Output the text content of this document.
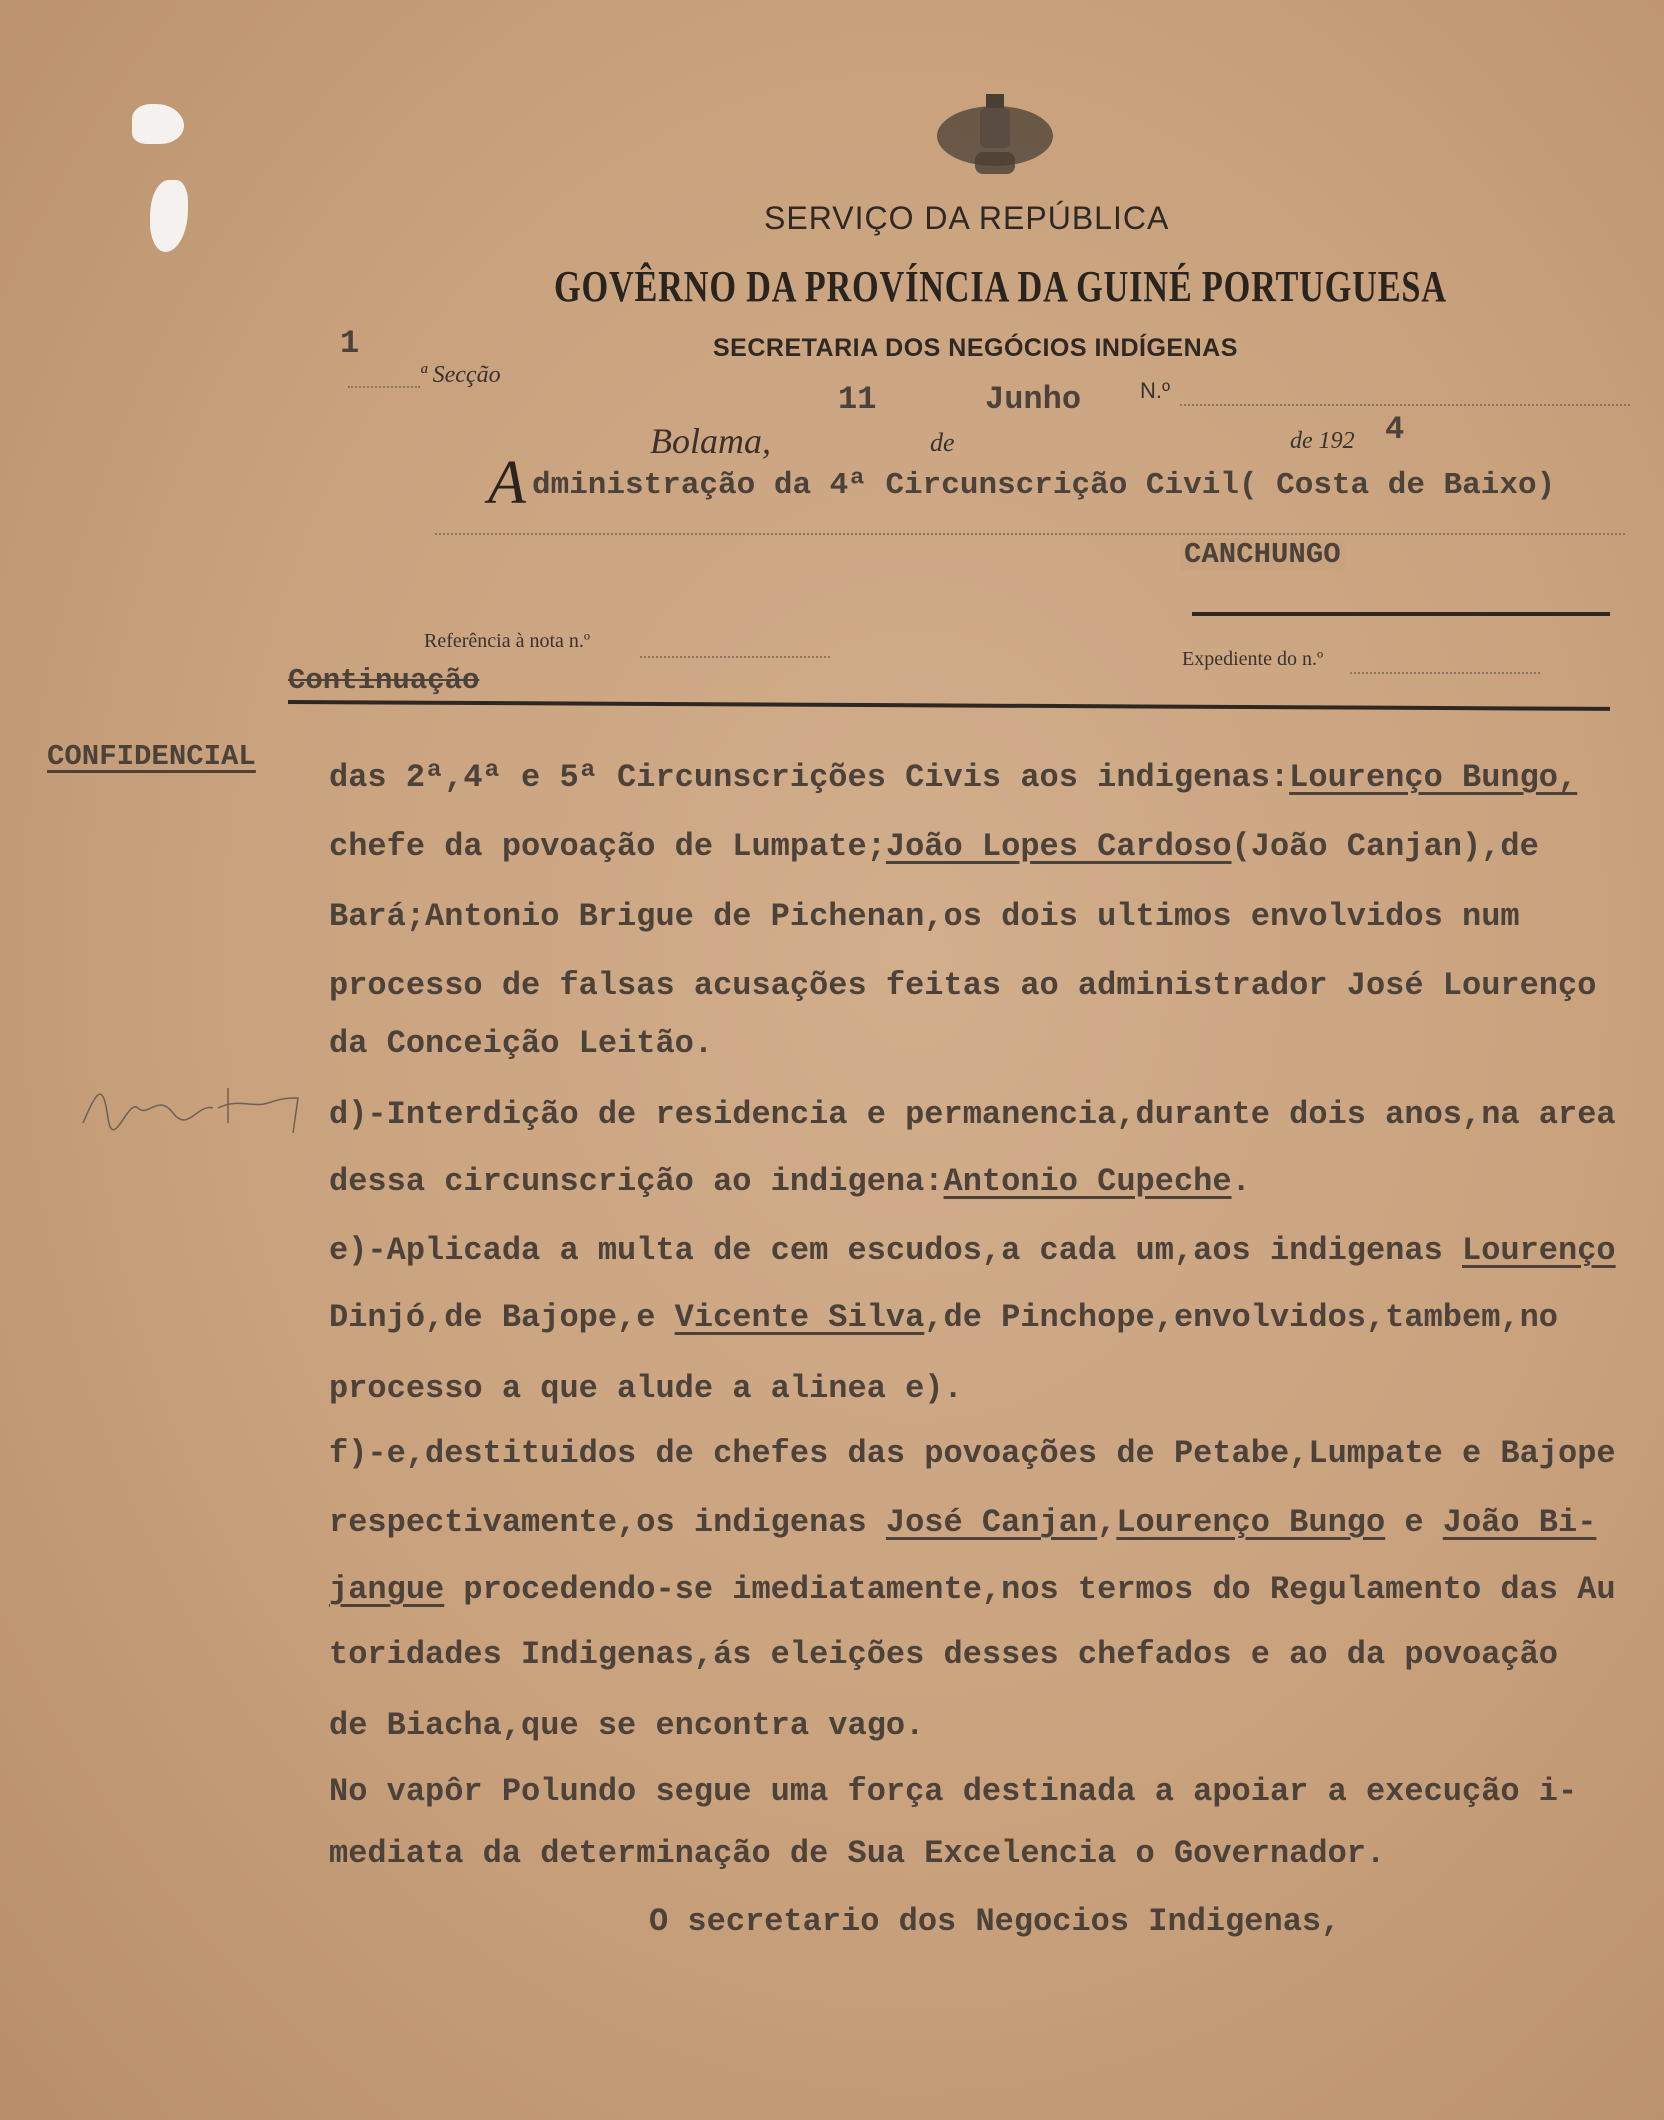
SERVIÇO DA REPÚBLICA
GOVÊRNO DA PROVÍNCIA DA GUINÉ PORTUGUESA
SECRETARIA DOS NEGÓCIOS INDÍGENAS
1
ª Secção
N.º
11	Junho
4
Bolama,	de	de 192
A dministração da 4ª Circunscrição Civil( Costa de Baixo)
CANCHUNGO
Referência à nota n.º
Expediente do n.º
Continuação
CONFIDENCIAL
das 2ª,4ª e 5ª Circunscrições Civis aos indigenas:Lourenço Bungo,
chefe da povoação de Lumpate;João Lopes Cardoso(João Canjan),de
Bará;Antonio Brigue de Pichenan,os dois ultimos envolvidos num
processo de falsas acusações feitas ao administrador José Lourenço
da Conceição Leitão.
d)-Interdição de residencia e permanencia,durante dois anos,na area
dessa circunscrição ao indigena:Antonio Cupeche.
e)-Aplicada a multa de cem escudos,a cada um,aos indigenas Lourenço
Dinjó,de Bajope,e Vicente Silva,de Pinchope,envolvidos,tambem,no
processo a que alude a alinea e).
f)-e,destituidos de chefes das povoações de Petabe,Lumpate e Bajope
respectivamente,os indigenas José Canjan,Lourenço Bungo e João Bi-
jangue procedendo-se imediatamente,nos termos do Regulamento das Au
toridades Indigenas,ás eleições desses chefados e ao da povoação
de Biacha,que se encontra vago.
No vapôr Polundo segue uma força destinada a apoiar a execução i-
mediata da determinação de Sua Excelencia o Governador.
O secretario dos Negocios Indigenas,
